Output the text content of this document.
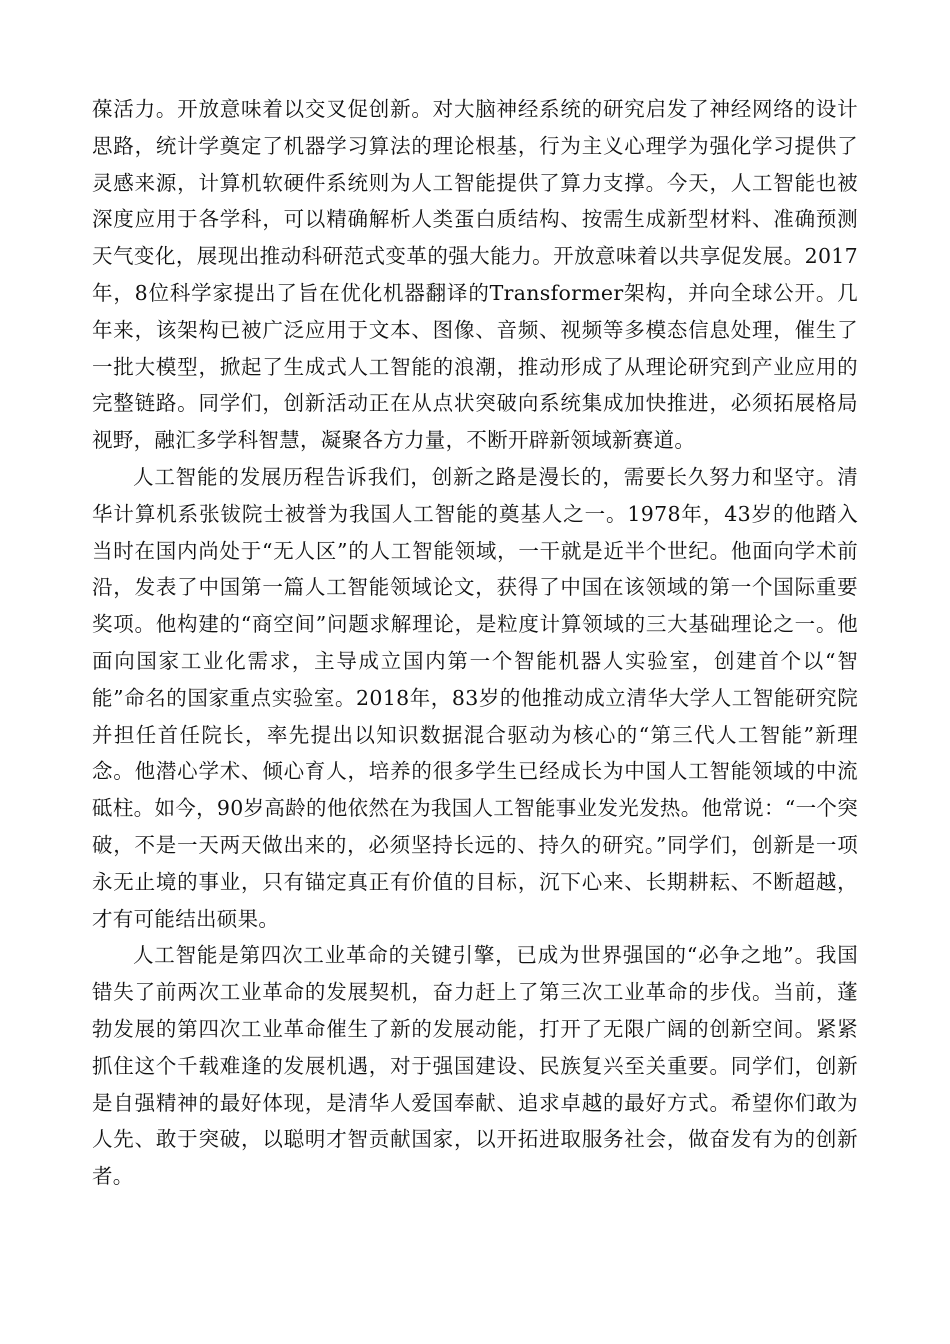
葆活力。开放意味着以交叉促创新。对大脑神经系统的研究启发了神经网络的设计思路，统计学奠定了机器学习算法的理论根基，行为主义心理学为强化学习提供了灵感来源，计算机软硬件系统则为人工智能提供了算力支撑。今天，人工智能也被深度应用于各学科，可以精确解析人类蛋白质结构、按需生成新型材料、准确预测天气变化，展现出推动科研范式变革的强大能力。开放意味着以共享促发展。2017年，8位科学家提出了旨在优化机器翻译的Transformer架构，并向全球公开。几年来，该架构已被广泛应用于文本、图像、音频、视频等多模态信息处理，催生了一批大模型，掀起了生成式人工智能的浪潮，推动形成了从理论研究到产业应用的完整链路。同学们，创新活动正在从点状突破向系统集成加快推进，必须拓展格局视野，融汇多学科智慧，凝聚各方力量，不断开辟新领域新赛道。

人工智能的发展历程告诉我们，创新之路是漫长的，需要长久努力和坚守。清华计算机系张钹院士被誉为我国人工智能的奠基人之一。1978年，43岁的他踏入当时在国内尚处于“无人区”的人工智能领域，一干就是近半个世纪。他面向学术前沿，发表了中国第一篇人工智能领域论文，获得了中国在该领域的第一个国际重要奖项。他构建的“商空间”问题求解理论，是粒度计算领域的三大基础理论之一。他面向国家工业化需求，主导成立国内第一个智能机器人实验室，创建首个以“智能”命名的国家重点实验室。2018年，83岁的他推动成立清华大学人工智能研究院并担任首任院长，率先提出以知识数据混合驱动为核心的“第三代人工智能”新理念。他潜心学术、倾心育人，培养的很多学生已经成长为中国人工智能领域的中流砥柱。如今，90岁高龄的他依然在为我国人工智能事业发光发热。他常说：“一个突破，不是一天两天做出来的，必须坚持长远的、持久的研究。”同学们，创新是一项永无止境的事业，只有锚定真正有价值的目标，沉下心来、长期耕耘、不断超越，才有可能结出硕果。

人工智能是第四次工业革命的关键引擎，已成为世界强国的“必争之地”。我国错失了前两次工业革命的发展契机，奋力赶上了第三次工业革命的步伐。当前，蓬勃发展的第四次工业革命催生了新的发展动能，打开了无限广阔的创新空间。紧紧抓住这个千载难逢的发展机遇，对于强国建设、民族复兴至关重要。同学们，创新是自强精神的最好体现，是清华人爱国奉献、追求卓越的最好方式。希望你们敢为人先、敢于突破，以聪明才智贡献国家，以开拓进取服务社会，做奋发有为的创新者。
